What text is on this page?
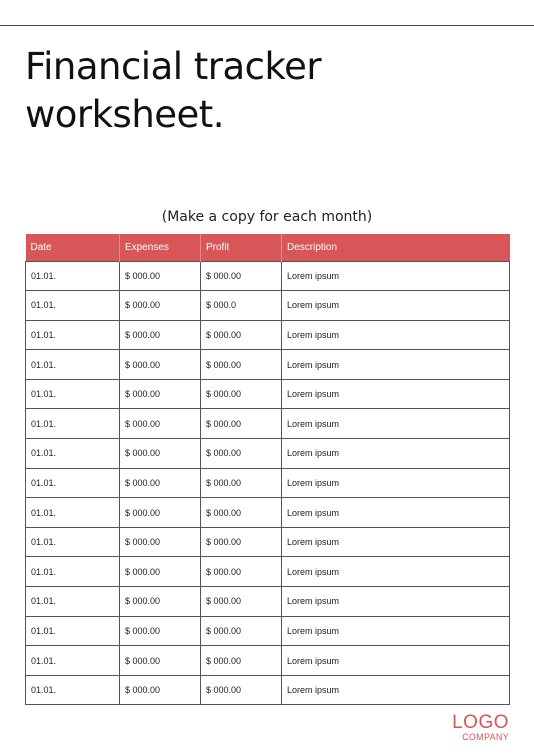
Financial tracker
worksheet.
(Make a copy for each month)
Date	Expenses	Profit	Description
01.01.	$ 000.00	$ 000.00	Lorem ipsum
01.01.	$ 000.00	$ 000.0	Lorem ipsum
01.01.	$ 000.00	$ 000.00	Lorem ipsum
01.01.	$ 000.00	$ 000.00	Lorem ipsum
01.01.	$ 000.00	$ 000.00	Lorem ipsum
01.01.	$ 000.00	$ 000.00	Lorem ipsum
01.01.	$ 000.00	$ 000.00	Lorem ipsum
01.01.	$ 000.00	$ 000.00	Lorem ipsum
01.01.	$ 000.00	$ 000.00	Lorem ipsum
01.01.	$ 000.00	$ 000.00	Lorem ipsum
01.01.	$ 000.00	$ 000.00	Lorem ipsum
01.01.	$ 000.00	$ 000.00	Lorem ipsum
01.01.	$ 000.00	$ 000.00	Lorem ipsum
01.01.	$ 000.00	$ 000.00	Lorem ipsum
01.01.	$ 000.00	$ 000.00	Lorem ipsum
LOGO
COMPANY
